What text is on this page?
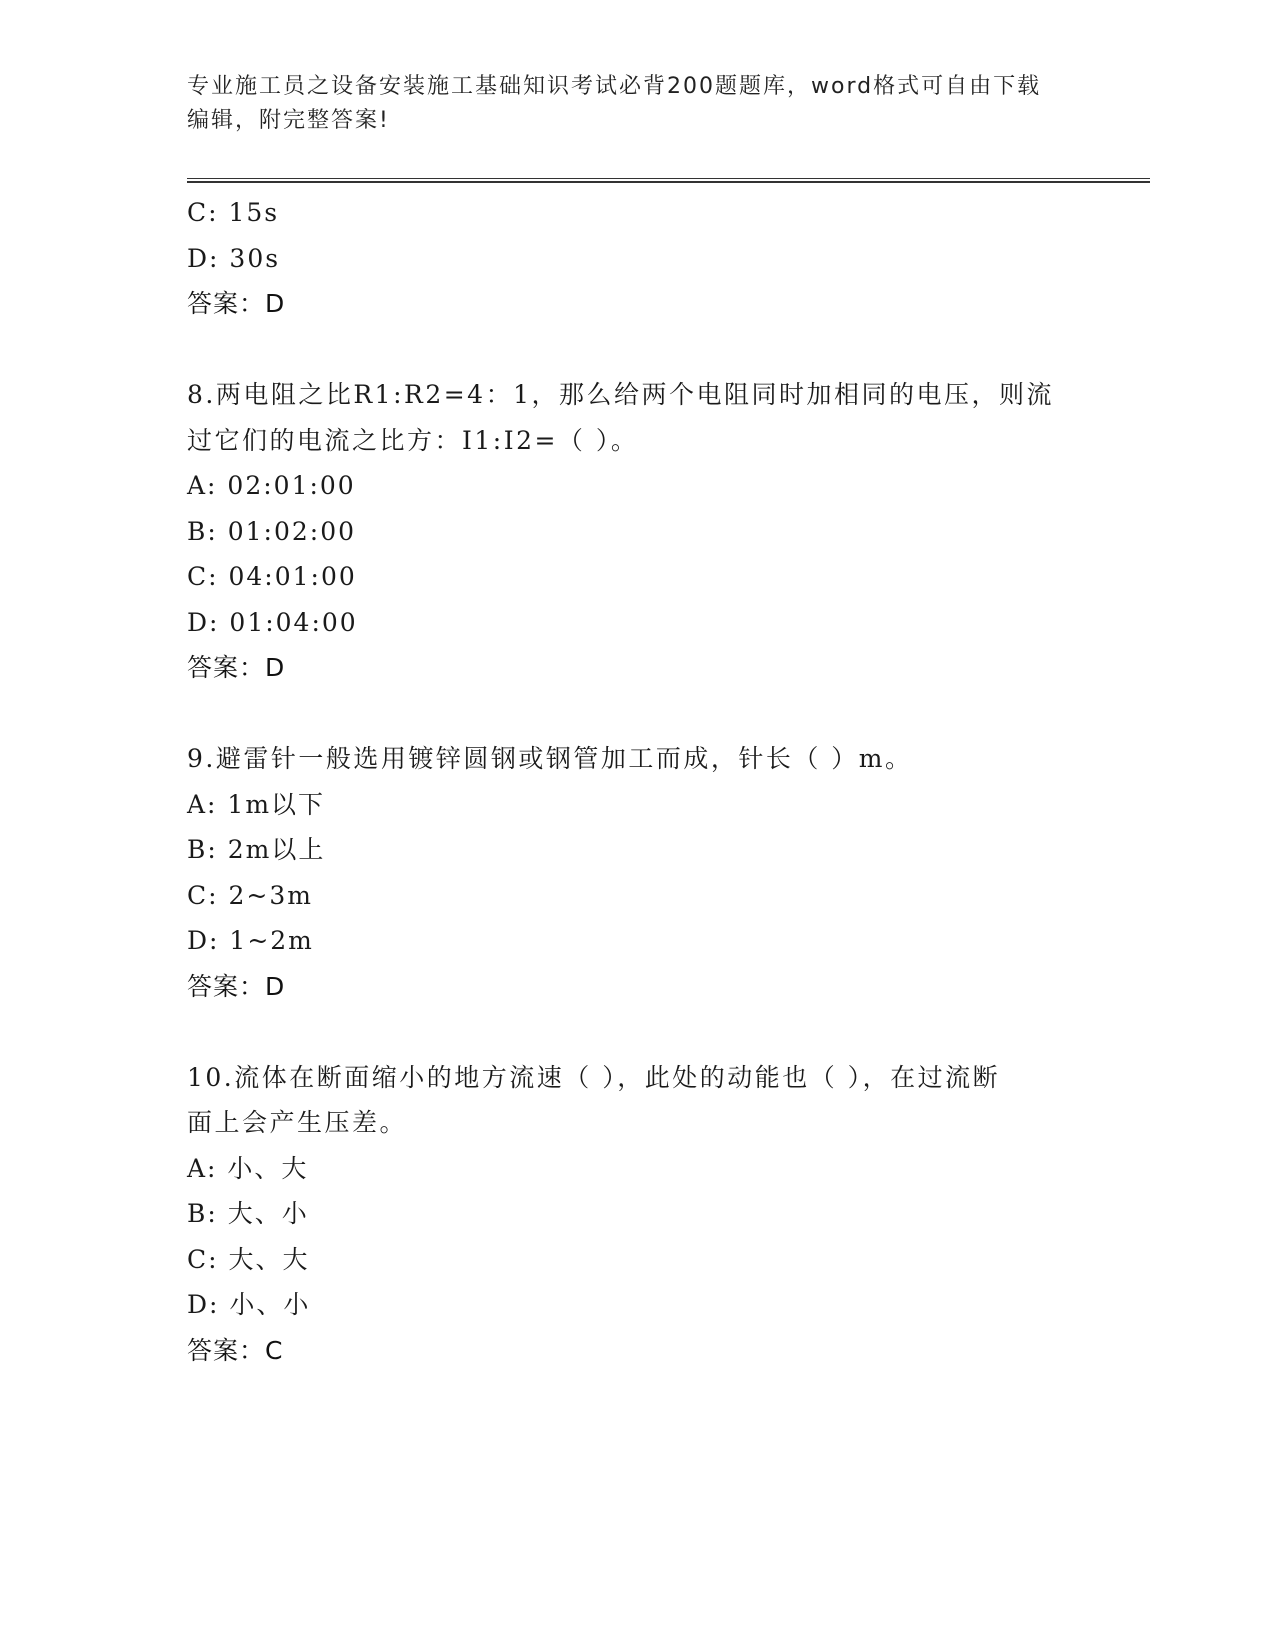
专业施工员之设备安装施工基础知识考试必背200题题库，word格式可自由下载
编辑，附完整答案!
C: 15s
D: 30s
答案：D
8.两电阻之比R1:R2=4：1，那么给两个电阻同时加相同的电压，则流
过它们的电流之比方：I1:I2=（ ）。
A: 02:01:00
B: 01:02:00
C: 04:01:00
D: 01:04:00
答案：D
9.避雷针一般选用镀锌圆钢或钢管加工而成，针长（ ）m。
A: 1m以下
B: 2m以上
C: 2~3m
D: 1~2m
答案：D
10.流体在断面缩小的地方流速（ ），此处的动能也（ ），在过流断
面上会产生压差。
A: 小、大
B: 大、小
C: 大、大
D: 小、小
答案：C
